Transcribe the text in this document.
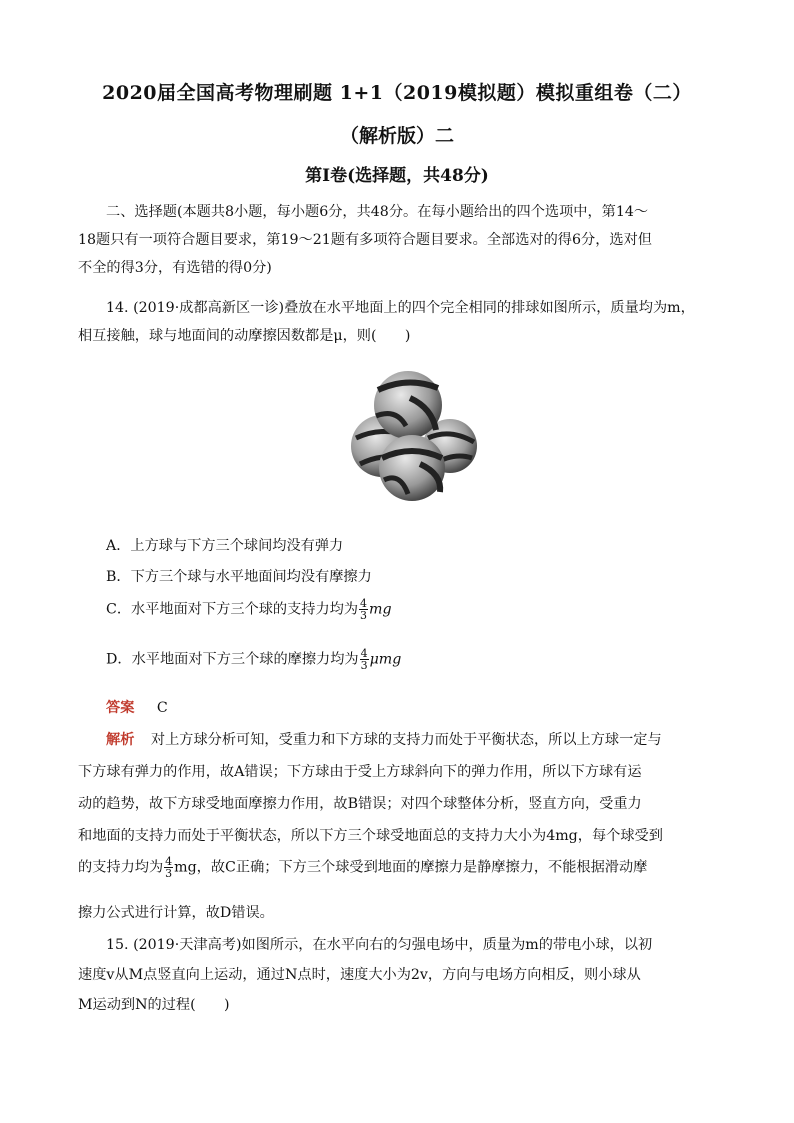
2020届全国高考物理刷题 1+1（2019模拟题）模拟重组卷（二）
（解析版）二
第Ⅰ卷(选择题，共48分)
二、选择题(本题共8小题，每小题6分，共48分。在每小题给出的四个选项中，第14～
18题只有一项符合题目要求，第19～21题有多项符合题目要求。全部选对的得6分，选对但
不全的得3分，有选错的得0分)
14. (2019·成都高新区一诊)叠放在水平地面上的四个完全相同的排球如图所示，质量均为m，
相互接触，球与地面间的动摩擦因数都是μ，则(　　)
A．上方球与下方三个球间均没有弹力
B．下方三个球与水平地面间均没有摩擦力
C．水平地面对下方三个球的支持力均为 $\frac{4}{3}$ mg
D．水平地面对下方三个球的摩擦力均为 $\frac{4}{3}$ μmg
答案 C
解析 对上方球分析可知，受重力和下方球的支持力而处于平衡状态，所以上方球一定与
下方球有弹力的作用，故A错误；下方球由于受上方球斜向下的弹力作用，所以下方球有运
动的趋势，故下方球受地面摩擦力作用，故B错误；对四个球整体分析，竖直方向，受重力
和地面的支持力而处于平衡状态，所以下方三个球受地面总的支持力大小为4mg，每个球受到
的支持力均为 $\frac{4}{3}$ mg，故C正确；下方三个球受到地面的摩擦力是静摩擦力，不能根据滑动摩
擦力公式进行计算，故D错误。
15. (2019·天津高考)如图所示，在水平向右的匀强电场中，质量为m的带电小球，以初
速度v从M点竖直向上运动，通过N点时，速度大小为2v，方向与电场方向相反，则小球从
M运动到N的过程(　　)
